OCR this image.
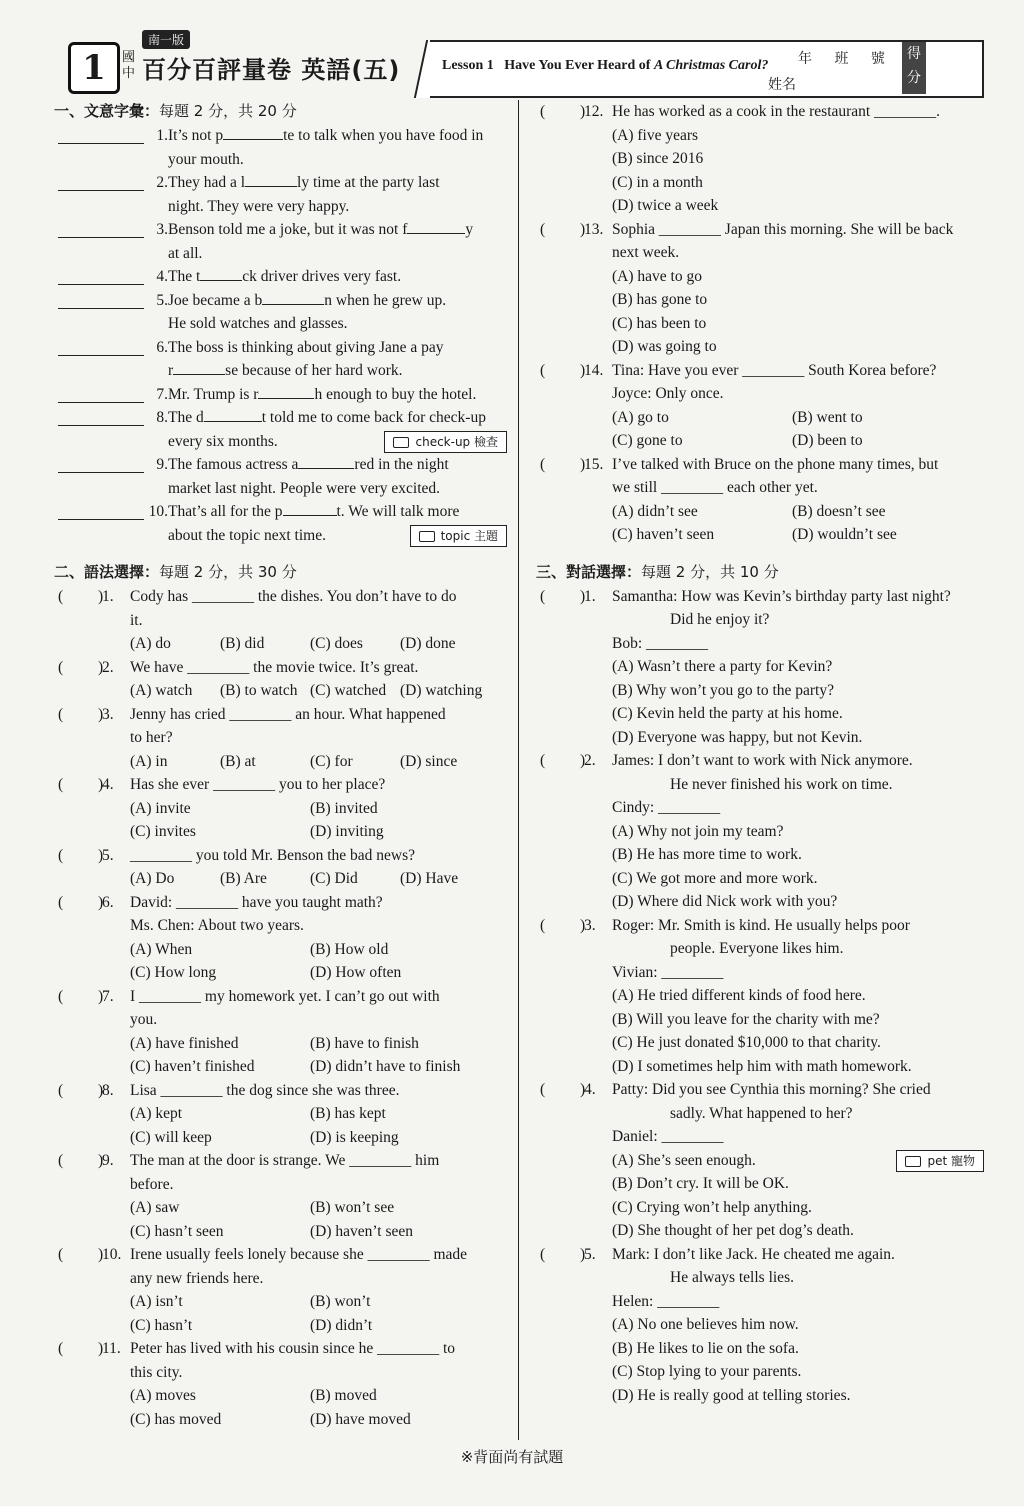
1
南一版
國中 百分百評量卷 英語(五)	Lesson 1 Have You Ever Heard of A Christmas Carol? 年 班 號
姓名
得分
一、文意字彙：每題 2 分，共 20 分
1. It’s not p	te to talk when you have food in
your mouth.
2. They had a l	ly time at the party last
night. They were very happy.
3. Benson told me a joke, but it was not f	y
at all.
4. The t	ck driver drives very fast.
5. Joe became a b	n when he grew up.
He sold watches and glasses.
6. The boss is thinking about giving Jane a pay
r	se because of her hard work.
7. Mr. Trump is r	h enough to buy the hotel.
8. The d	t told me to come back for check-up
every six months.	check-up 檢查
9. The famous actress a	red in the night
market last night. People were very excited.
10. That’s all for the p	t. We will talk more
about the topic next time.	topic 主題
二、語法選擇：每題 2 分，共 30 分
( )
1.	Cody has ________ the dishes. You don’t have to do
it.
(A) do	(B) did	(C) does	(D) done
( )
2.	We have ________ the movie twice. It’s great.
(A) watch	(B) to watch (C) watched (D) watching
( )
3.	Jenny has cried ________ an hour. What happened
to her?
(A) in	(B) at	(C) for	(D) since
( )
4.	Has she ever ________ you to her place?
(A) invite	(B) invited
(C) invites	(D) inviting
( )
5.	________ you told Mr. Benson the bad news?
(A) Do	(B) Are	(C) Did	(D) Have
( )
6.	David: ________ have you taught math?
Ms. Chen: About two years.
(A) When	(B) How old
(C) How long	(D) How often
( )
7.	I ________ my homework yet. I can’t go out with
you.
(A) have finished	(B) have to finish
(C) haven’t finished	(D) didn’t have to finish
( )
8.	Lisa ________ the dog since she was three.
(A) kept	(B) has kept
(C) will keep	(D) is keeping
( )
9.	The man at the door is strange. We ________ him
before.
(A) saw	(B) won’t see
(C) hasn’t seen	(D) haven’t seen
( )
10. Irene usually feels lonely because she ________ made
any new friends here.
(A) isn’t	(B) won’t
(C) hasn’t	(D) didn’t
( )
11. Peter has lived with his cousin since he ________ to
this city.
(A) moves	(B) moved
(C) has moved	(D) have moved
( )
12. He has worked as a cook in the restaurant ________.
(A) five years
(B) since 2016
(C) in a month
(D) twice a week
( )
13. Sophia ________ Japan this morning. She will be back
next week.
(A) have to go
(B) has gone to
(C) has been to
(D) was going to
( )
14. Tina: Have you ever ________ South Korea before?
Joyce: Only once.
(A) go to	(B) went to
(C) gone to	(D) been to
( )
15. I’ve talked with Bruce on the phone many times, but
we still ________ each other yet.
(A) didn’t see	(B) doesn’t see
(C) haven’t seen	(D) wouldn’t see
三、對話選擇：每題 2 分，共 10 分
( )
1.	Samantha: How was Kevin’s birthday party last night?
Did he enjoy it?
Bob: ________
(A) Wasn’t there a party for Kevin?
(B) Why won’t you go to the party?
(C) Kevin held the party at his home.
(D) Everyone was happy, but not Kevin.
( )
2.	James: I don’t want to work with Nick anymore.
He never finished his work on time.
Cindy: ________
(A) Why not join my team?
(B) He has more time to work.
(C) We got more and more work.
(D) Where did Nick work with you?
( )
3.	Roger: Mr. Smith is kind. He usually helps poor
people. Everyone likes him.
Vivian: ________
(A) He tried different kinds of food here.
(B) Will you leave for the charity with me?
(C) He just donated $10,000 to that charity.
(D) I sometimes help him with math homework.
( )
4.	Patty: Did you see Cynthia this morning? She cried
sadly. What happened to her?
Daniel: ________
pet 寵物
(A) She’s seen enough.
(B) Don’t cry. It will be OK.
(C) Crying won’t help anything.
(D) She thought of her pet dog’s death.
( )
5.	Mark: I don’t like Jack. He cheated me again.
He always tells lies.
Helen: ________
(A) No one believes him now.
(B) He likes to lie on the sofa.
(C) Stop lying to your parents.
(D) He is really good at telling stories.
※背面尚有試題
